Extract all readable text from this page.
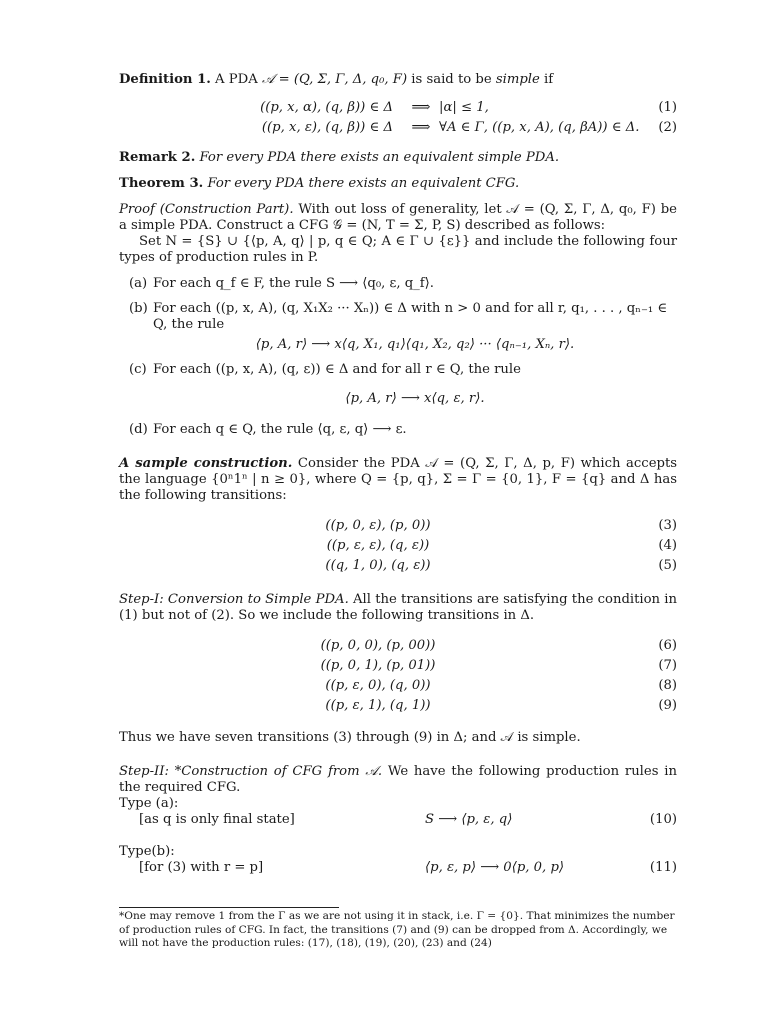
Definition 1. A PDA 𝒜 = (Q, Σ, Γ, Δ, q₀, F) is said to be simple if

((p, x, α), (q, β)) ∈ Δ	⟹ |α| ≤ 1,	(1)
((p, x, ε), (q, β)) ∈ Δ	⟹ ∀A ∈ Γ, ((p, x, A), (q, βA)) ∈ Δ. (2)

Remark 2. For every PDA there exists an equivalent simple PDA.

Theorem 3. For every PDA there exists an equivalent CFG.

Proof (Construction Part). With out loss of generality, let 𝒜 = (Q, Σ, Γ, Δ, q₀, F) be a simple PDA. Construct a CFG 𝒢 = (N, T = Σ, P, S) described as follows:

Set N = {S} ∪ {⟨p, A, q⟩ | p, q ∈ Q; A ∈ Γ ∪ {ε}} and include the following four types of production rules in P.

(a) For each q_f ∈ F, the rule S ⟶ ⟨q₀, ε, q_f⟩.

(b) For each ((p, x, A), (q, X₁X₂ ··· Xₙ)) ∈ Δ with n > 0 and for all r, q₁, . . . , qₙ₋₁ ∈ Q, the rule
⟨p, A, r⟩ ⟶ x⟨q, X₁, q₁⟩⟨q₁, X₂, q₂⟩ ··· ⟨qₙ₋₁, Xₙ, r⟩.
(c) For each ((p, x, A), (q, ε)) ∈ Δ and for all r ∈ Q, the rule
⟨p, A, r⟩ ⟶ x⟨q, ε, r⟩.

(d) For each q ∈ Q, the rule ⟨q, ε, q⟩ ⟶ ε.

A sample construction. Consider the PDA 𝒜 = (Q, Σ, Γ, Δ, p, F) which accepts the language {0ⁿ1ⁿ | n ≥ 0}, where Q = {p, q}, Σ = Γ = {0, 1}, F = {q} and Δ has the following transitions:

((p, 0, ε), (p, 0))	(3)
((p, ε, ε), (q, ε))	(4)
((q, 1, 0), (q, ε))	(5)

Step-I: Conversion to Simple PDA. All the transitions are satisfying the condition in (1) but not of (2). So we include the following transitions in Δ.

((p, 0, 0), (p, 00))	(6)
((p, 0, 1), (p, 01))	(7)
((p, ε, 0), (q, 0))	(8)
((p, ε, 1), (q, 1))	(9)

Thus we have seven transitions (3) through (9) in Δ; and 𝒜 is simple.

Step-II: *Construction of CFG from 𝒜. We have the following production rules in the required CFG.

Type (a):

[as q is only final state]	S ⟶ ⟨p, ε, q⟩	(10)

Type(b):

[for (3) with r = p]	⟨p, ε, p⟩ ⟶ 0⟨p, 0, p⟩	(11)

*One may remove 1 from the Γ as we are not using it in stack, i.e. Γ = {0}. That minimizes the number of production rules of CFG. In fact, the transitions (7) and (9) can be dropped from Δ. Accordingly, we will not have the production rules: (17), (18), (19), (20), (23) and (24)
